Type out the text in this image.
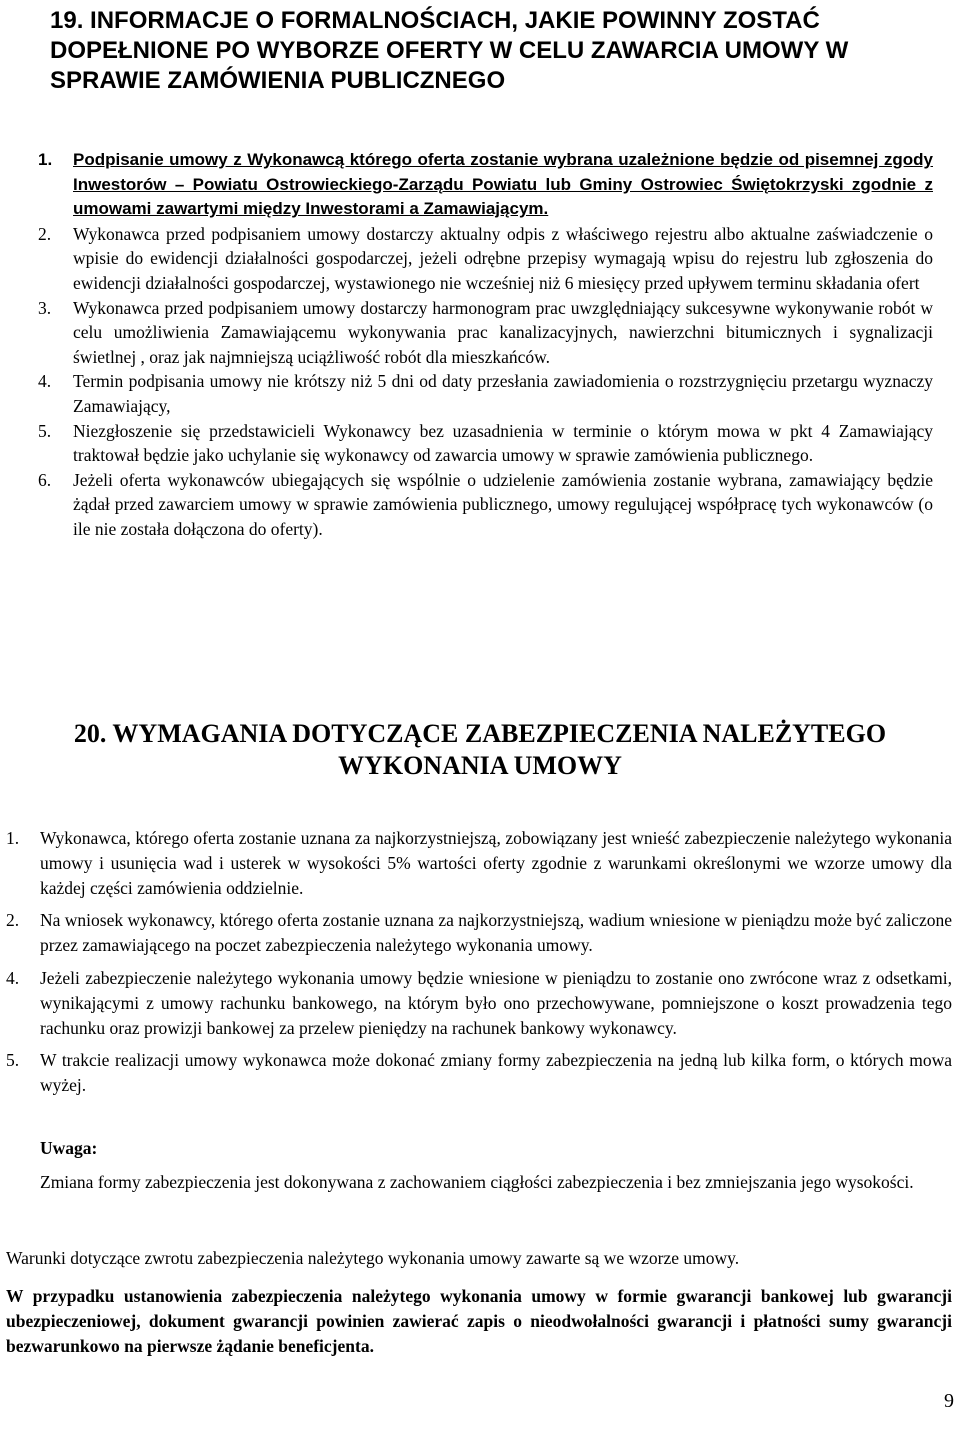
19. INFORMACJE O FORMALNOŚCIACH, JAKIE POWINNY ZOSTAĆ DOPEŁNIONE PO WYBORZE OFERTY W CELU ZAWARCIA UMOWY W SPRAWIE ZAMÓWIENIA PUBLICZNEGO
1. Podpisanie umowy z Wykonawcą którego oferta zostanie wybrana uzależnione będzie od pisemnej zgody Inwestorów – Powiatu Ostrowieckiego-Zarządu Powiatu lub Gminy Ostrowiec Świętokrzyski zgodnie z umowami zawartymi między Inwestorami a Zamawiającym.

2. Wykonawca przed podpisaniem umowy dostarczy aktualny odpis z właściwego rejestru albo aktualne zaświadczenie o wpisie do ewidencji działalności gospodarczej, jeżeli odrębne przepisy wymagają wpisu do rejestru lub zgłoszenia do ewidencji działalności gospodarczej, wystawionego nie wcześniej niż 6 miesięcy przed upływem terminu składania ofert

3. Wykonawca przed podpisaniem umowy dostarczy harmonogram prac uwzględniający sukcesywne wykonywanie robót w celu umożliwienia Zamawiającemu wykonywania prac kanalizacyjnych, nawierzchni bitumicznych i sygnalizacji świetlnej , oraz jak najmniejszą uciążliwość robót dla mieszkańców.

4. Termin podpisania umowy nie krótszy niż 5 dni od daty przesłania zawiadomienia o rozstrzygnięciu przetargu wyznaczy Zamawiający,

5. Niezgłoszenie się przedstawicieli Wykonawcy bez uzasadnienia w terminie o którym mowa w pkt 4 Zamawiający traktował będzie jako uchylanie się wykonawcy od zawarcia umowy w sprawie zamówienia publicznego.

6. Jeżeli oferta wykonawców ubiegających się wspólnie o udzielenie zamówienia zostanie wybrana, zamawiający będzie żądał przed zawarciem umowy w sprawie zamówienia publicznego, umowy regulującej współpracę tych wykonawców (o ile nie została dołączona do oferty).

20. WYMAGANIA DOTYCZĄCE ZABEZPIECZENIA NALEŻYTEGO WYKONANIA UMOWY
1. Wykonawca, którego oferta zostanie uznana za najkorzystniejszą, zobowiązany jest wnieść zabezpieczenie należytego wykonania umowy i usunięcia wad i usterek w wysokości 5% wartości oferty zgodnie z warunkami określonymi we wzorze umowy dla każdej części zamówienia oddzielnie.

2. Na wniosek wykonawcy, którego oferta zostanie uznana za najkorzystniejszą, wadium wniesione w pieniądzu może być zaliczone przez zamawiającego na poczet zabezpieczenia należytego wykonania umowy.

4. Jeżeli zabezpieczenie należytego wykonania umowy będzie wniesione w pieniądzu to zostanie ono zwrócone wraz z odsetkami, wynikającymi z umowy rachunku bankowego, na którym było ono przechowywane, pomniejszone o koszt prowadzenia tego rachunku oraz prowizji bankowej za przelew pieniędzy na rachunek bankowy wykonawcy.

5. W trakcie realizacji umowy wykonawca może dokonać zmiany formy zabezpieczenia na jedną lub kilka form, o których mowa wyżej.

Uwaga:

Zmiana formy zabezpieczenia jest dokonywana z zachowaniem ciągłości zabezpieczenia i bez zmniejszania jego wysokości.

Warunki dotyczące zwrotu zabezpieczenia należytego wykonania umowy zawarte są we wzorze umowy.

W przypadku ustanowienia zabezpieczenia należytego wykonania umowy w formie gwarancji bankowej lub gwarancji ubezpieczeniowej, dokument gwarancji powinien zawierać zapis o nieodwołalności gwarancji i płatności sumy gwarancji bezwarunkowo na pierwsze żądanie beneficjenta.

9
